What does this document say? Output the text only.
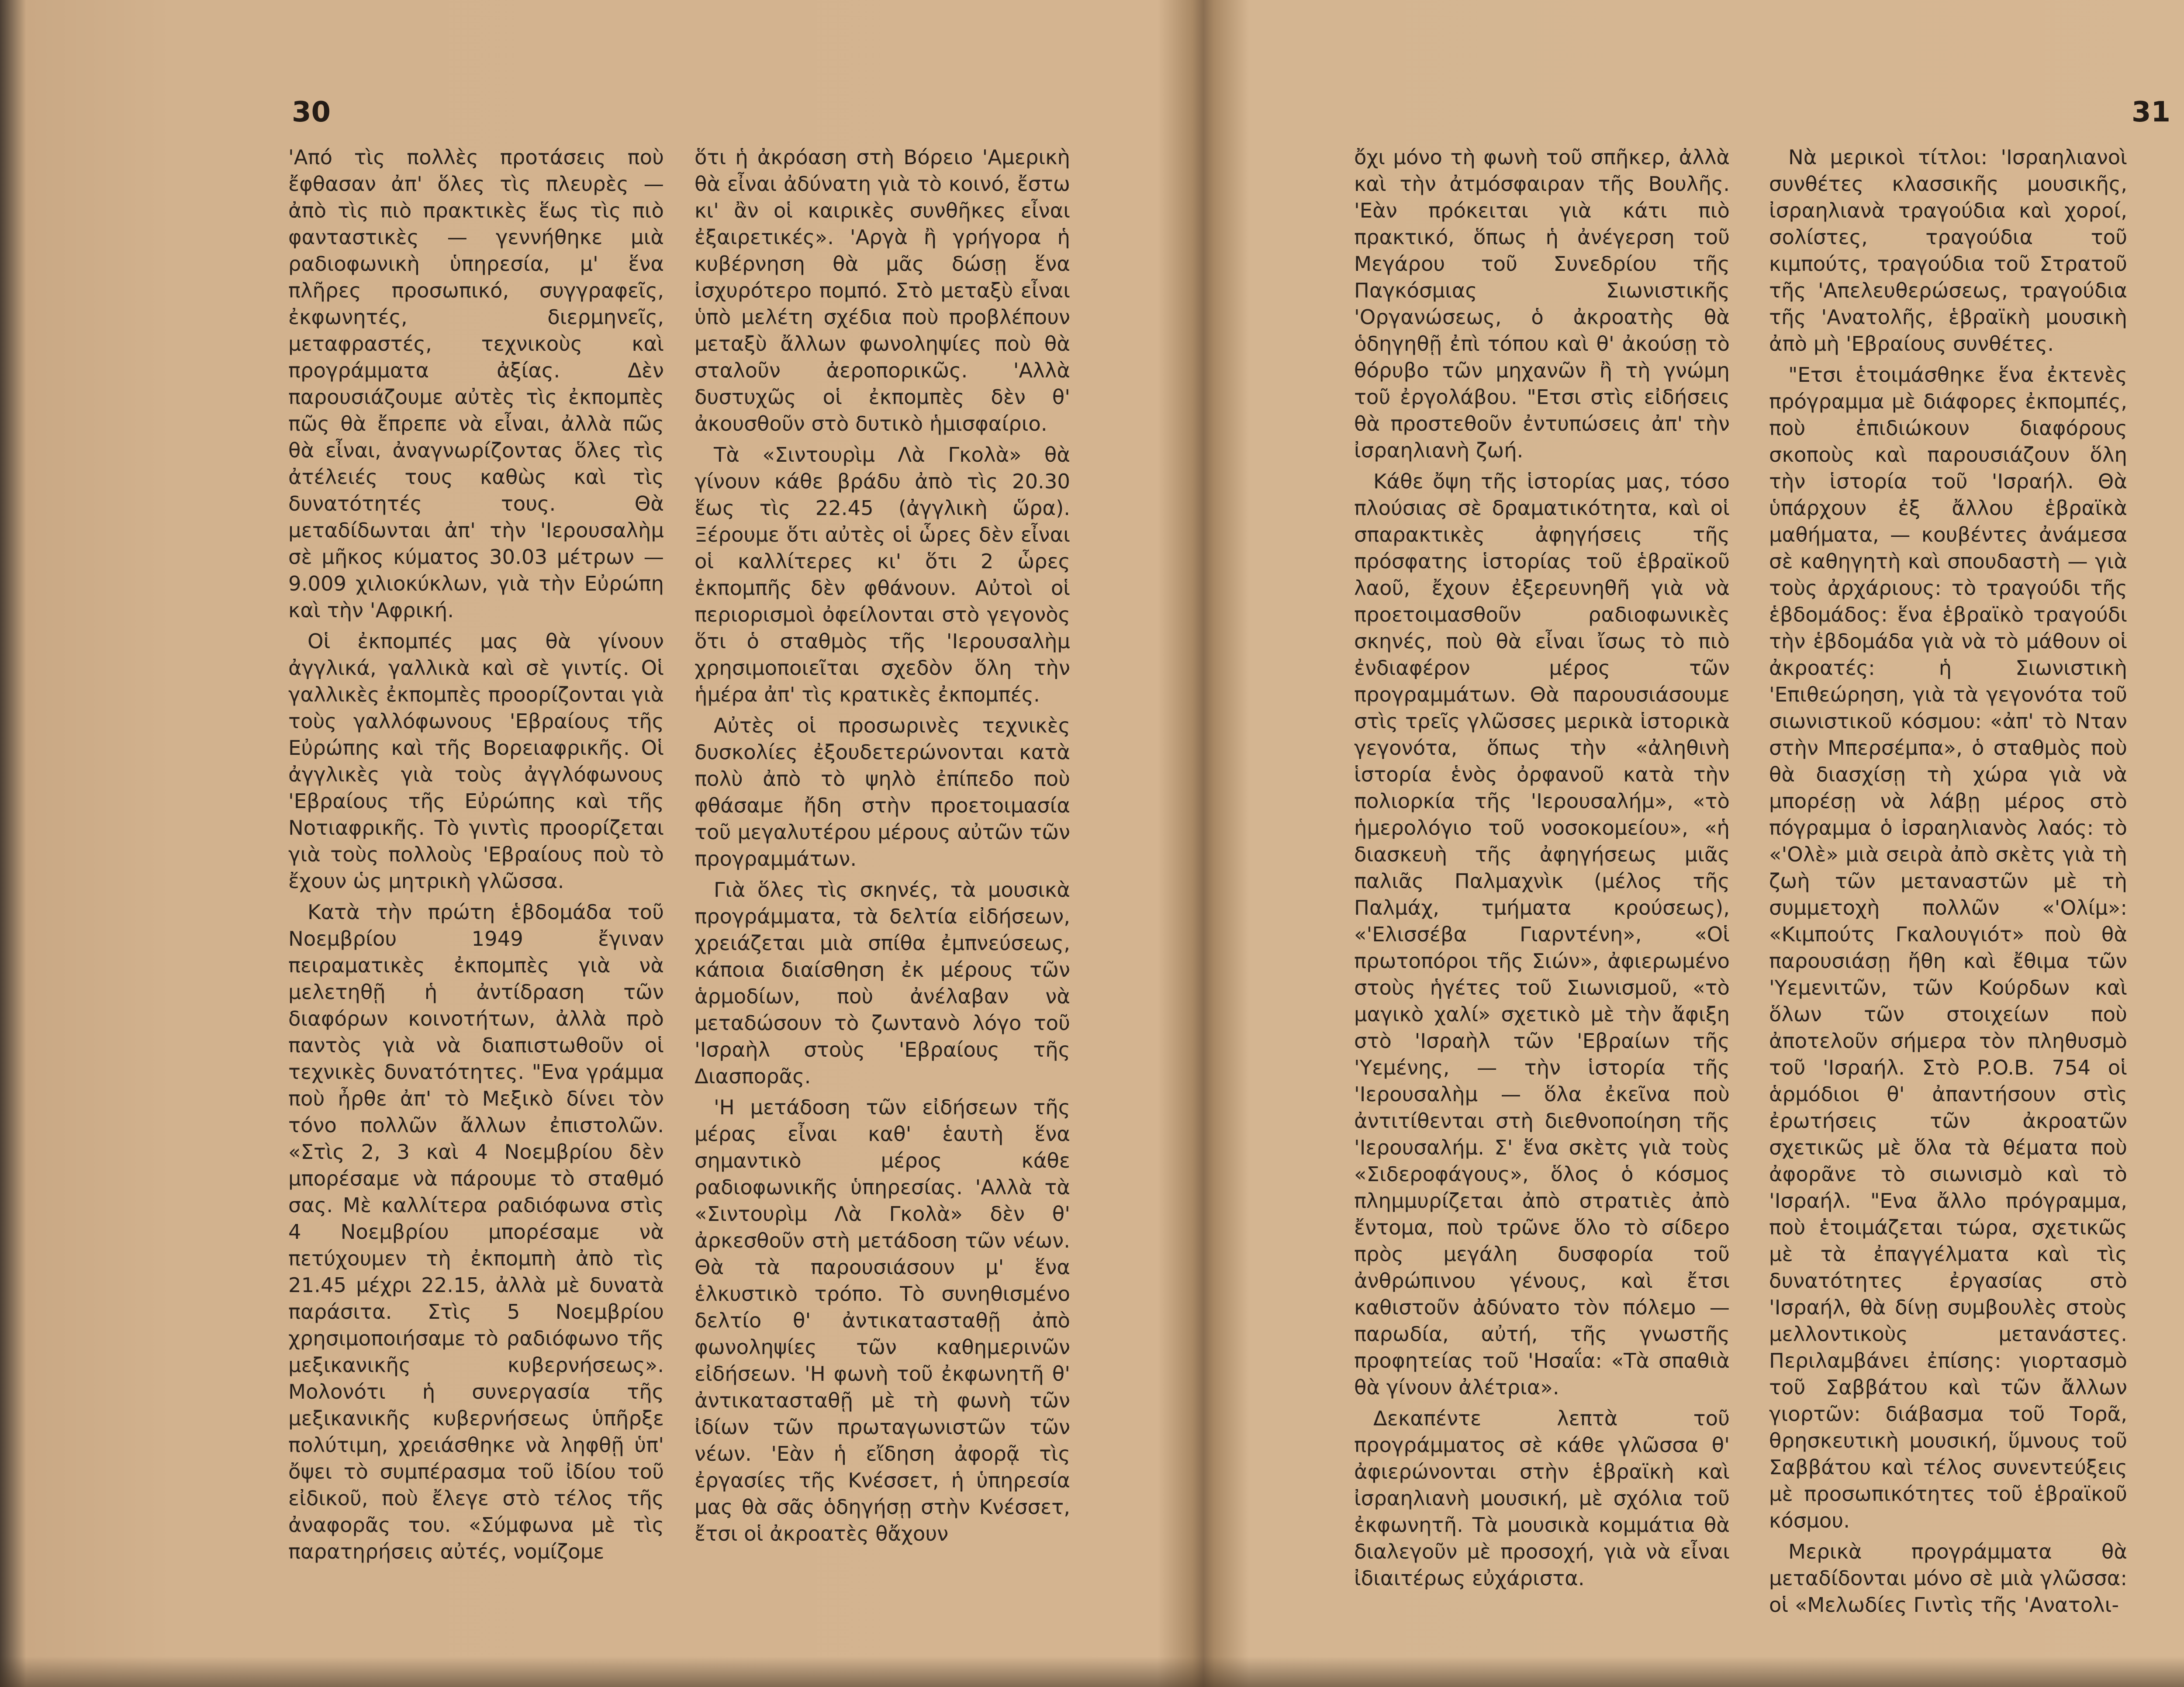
30	31

'Από τὶς πολλὲς προτάσεις ποὺ ἔφθασαν ἀπ' ὅλες τὶς πλευρὲς — ἀπὸ τὶς πιὸ πρακτικὲς ἕως τὶς πιὸ φανταστικὲς — γεννήθηκε μιὰ ραδιοφωνικὴ ὑπηρεσία, μ' ἕνα πλῆρες προσωπικό, συγγραφεῖς, ἐκφωνητές, διερμηνεῖς, μεταφραστές, τεχνικοὺς καὶ προγράμματα ἀξίας. Δὲν παρουσιάζουμε αὐτὲς τὶς ἐκπομπὲς πῶς θὰ ἔπρεπε νὰ εἶναι, ἀλλὰ πῶς θὰ εἶναι, ἀναγνωρίζοντας ὅλες τὶς ἀτέλειές τους καθὼς καὶ τὶς δυνατότητές τους. Θὰ μεταδίδωνται ἀπ' τὴν 'Ιερουσαλὴμ σὲ μῆκος κύματος 30.03 μέτρων — 9.009 χιλιοκύκλων, γιὰ τὴν Εὐρώπη καὶ τὴν 'Αφρική.

Οἱ ἐκπομπές μας θὰ γίνουν ἀγγλικά, γαλλικὰ καὶ σὲ γιντίς. Οἱ γαλλικὲς ἐκπομπὲς προορίζονται γιὰ τοὺς γαλλόφωνους 'Εβραίους τῆς Εὐρώπης καὶ τῆς Βορειαφρικῆς. Οἱ ἀγγλικὲς γιὰ τοὺς ἀγγλόφωνους 'Εβραίους τῆς Εὐρώπης καὶ τῆς Νοτιαφρικῆς. Τὸ γιντὶς προορίζεται γιὰ τοὺς πολλοὺς 'Εβραίους ποὺ τὸ ἔχουν ὡς μητρικὴ γλῶσσα.

Κατὰ τὴν πρώτη ἑβδομάδα τοῦ Νοεμβρίου 1949 ἔγιναν πειραματικὲς ἐκπομπὲς γιὰ νὰ μελετηθῇ ἡ ἀντίδραση τῶν διαφόρων κοινοτήτων, ἀλλὰ πρὸ παντὸς γιὰ νὰ διαπιστωθοῦν οἱ τεχνικὲς δυνατότητες. "Ενα γράμμα ποὺ ἦρθε ἀπ' τὸ Μεξικὸ δίνει τὸν τόνο πολλῶν ἄλλων ἐπιστολῶν. «Στὶς 2, 3 καὶ 4 Νοεμβρίου δὲν μπορέσαμε νὰ πάρουμε τὸ σταθμό σας. Μὲ καλλίτερα ραδιόφωνα στὶς 4 Νοεμβρίου μπορέσαμε νὰ πετύχουμεν τὴ ἐκπομπὴ ἀπὸ τὶς 21.45 μέχρι 22.15, ἀλλὰ μὲ δυνατὰ παράσιτα. Στὶς 5 Νοεμβρίου χρησιμοποιήσαμε τὸ ραδιόφωνο τῆς μεξικανικῆς κυβερνήσεως». Μολονότι ἡ συνεργασία τῆς μεξικανικῆς κυβερνήσεως ὑπῆρξε πολύτιμη, χρειάσθηκε νὰ ληφθῇ ὑπ' ὄψει τὸ συμπέρασμα τοῦ ἰδίου τοῦ εἰδικοῦ, ποὺ ἔλεγε στὸ τέλος τῆς ἀναφορᾶς του. «Σύμφωνα μὲ τὶς παρατηρήσεις αὐτές, νομίζομε

ὅτι ἡ ἀκρόαση στὴ Βόρειο 'Αμερικὴ θὰ εἶναι ἀδύνατη γιὰ τὸ κοινό, ἔστω κι' ἂν οἱ καιρικὲς συνθῆκες εἶναι ἐξαιρετικές». 'Αργὰ ἢ γρήγορα ἡ κυβέρνηση θὰ μᾶς δώσῃ ἕνα ἰσχυρότερο πομπό. Στὸ μεταξὺ εἶναι ὑπὸ μελέτη σχέδια ποὺ προβλέπουν μεταξὺ ἄλλων φωνοληψίες ποὺ θὰ σταλοῦν ἀεροπορικῶς. 'Αλλὰ δυστυχῶς οἱ ἐκπομπὲς δὲν θ' ἀκουσθοῦν στὸ δυτικὸ ἡμισφαίριο.

Τὰ «Σιντουρὶμ Λὰ Γκολὰ» θὰ γίνουν κάθε βράδυ ἀπὸ τὶς 20.30 ἕως τὶς 22.45 (ἀγγλικὴ ὥρα). Ξέρουμε ὅτι αὐτὲς οἱ ὧρες δὲν εἶναι οἱ καλλίτερες κι' ὅτι 2 ὧρες ἐκπομπῆς δὲν φθάνουν. Αὐτοὶ οἱ περιορισμοὶ ὀφείλονται στὸ γεγονὸς ὅτι ὁ σταθμὸς τῆς 'Ιερουσαλὴμ χρησιμοποιεῖται σχεδὸν ὅλη τὴν ἡμέρα ἀπ' τὶς κρατικὲς ἐκπομπές.

Αὐτὲς οἱ προσωρινὲς τεχνικὲς δυσκολίες ἐξουδετερώνονται κατὰ πολὺ ἀπὸ τὸ ψηλὸ ἐπίπεδο ποὺ φθάσαμε ἤδη στὴν προετοιμασία τοῦ μεγαλυτέρου μέρους αὐτῶν τῶν προγραμμάτων.

Γιὰ ὅλες τὶς σκηνές, τὰ μουσικὰ προγράμματα, τὰ δελτία εἰδήσεων, χρειάζεται μιὰ σπίθα ἐμπνεύσεως, κάποια διαίσθηση ἐκ μέρους τῶν ἁρμοδίων, ποὺ ἀνέλαβαν νὰ μεταδώσουν τὸ ζωντανὸ λόγο τοῦ 'Ισραὴλ στοὺς 'Εβραίους τῆς Διασπορᾶς.

'Η μετάδοση τῶν εἰδήσεων τῆς μέρας εἶναι καθ' ἑαυτὴ ἕνα σημαντικὸ μέρος κάθε ραδιοφωνικῆς ὑπηρεσίας. 'Αλλὰ τὰ «Σιντουρὶμ Λὰ Γκολὰ» δὲν θ' ἀρκεσθοῦν στὴ μετάδοση τῶν νέων. Θὰ τὰ παρουσιάσουν μ' ἕνα ἑλκυστικὸ τρόπο. Τὸ συνηθισμένο δελτίο θ' ἀντικατασταθῇ ἀπὸ φωνοληψίες τῶν καθημερινῶν εἰδήσεων. 'Η φωνὴ τοῦ ἐκφωνητῆ θ' ἀντικατασταθῇ μὲ τὴ φωνὴ τῶν ἰδίων τῶν πρωταγωνιστῶν τῶν νέων. 'Εὰν ἡ εἴδηση ἀφορᾷ τὶς ἐργασίες τῆς Κνέσσετ, ἡ ὑπηρεσία μας θὰ σᾶς ὁδηγήσῃ στὴν Κνέσσετ, ἔτσι οἱ ἀκροατὲς θἄχουν

ὄχι μόνο τὴ φωνὴ τοῦ σπῆκερ, ἀλλὰ καὶ τὴν ἀτμόσφαιραν τῆς Βουλῆς. 'Εὰν πρόκειται γιὰ κάτι πιὸ πρακτικό, ὅπως ἡ ἀνέγερση τοῦ Μεγάρου τοῦ Συνεδρίου τῆς Παγκόσμιας Σιωνιστικῆς 'Οργανώσεως, ὁ ἀκροατὴς θὰ ὁδηγηθῇ ἐπὶ τόπου καὶ θ' ἀκούσῃ τὸ θόρυβο τῶν μηχανῶν ἢ τὴ γνώμη τοῦ ἐργολάβου. "Ετσι στὶς εἰδήσεις θὰ προστεθοῦν ἐντυπώσεις ἀπ' τὴν ἰσραηλιανὴ ζωή.

Κάθε ὄψη τῆς ἱστορίας μας, τόσο πλούσιας σὲ δραματικότητα, καὶ οἱ σπαρακτικὲς ἀφηγήσεις τῆς πρόσφατης ἱστορίας τοῦ ἑβραϊκοῦ λαοῦ, ἔχουν ἐξερευνηθῆ γιὰ νὰ προετοιμασθοῦν ραδιοφωνικὲς σκηνές, ποὺ θὰ εἶναι ἴσως τὸ πιὸ ἐνδιαφέρον μέρος τῶν προγραμμάτων. Θὰ παρουσιάσουμε στὶς τρεῖς γλῶσσες μερικὰ ἱστορικὰ γεγονότα, ὅπως τὴν «ἀληθινὴ ἱστορία ἑνὸς ὀρφανοῦ κατὰ τὴν πολιορκία τῆς 'Ιερουσαλήμ», «τὸ ἡμερολόγιο τοῦ νοσοκομείου», «ἡ διασκευὴ τῆς ἀφηγήσεως μιᾶς παλιᾶς Παλμαχνὶκ (μέλος τῆς Παλμάχ, τμήματα κρούσεως), «'Ελισσέβα Γιαρντένη», «Οἱ πρωτοπόροι τῆς Σιών», ἀφιερωμένο στοὺς ἡγέτες τοῦ Σιωνισμοῦ, «τὸ μαγικὸ χαλί» σχετικὸ μὲ τὴν ἄφιξη στὸ 'Ισραὴλ τῶν 'Εβραίων τῆς 'Υεμένης, — τὴν ἱστορία τῆς 'Ιερουσαλὴμ — ὅλα ἐκεῖνα ποὺ ἀντιτίθενται στὴ διεθνοποίηση τῆς 'Ιερουσαλήμ. Σ' ἕνα σκὲτς γιὰ τοὺς «Σιδεροφάγους», ὅλος ὁ κόσμος πλημμυρίζεται ἀπὸ στρατιὲς ἀπὸ ἔντομα, ποὺ τρῶνε ὅλο τὸ σίδερο πρὸς μεγάλη δυσφορία τοῦ ἀνθρώπινου γένους, καὶ ἔτσι καθιστοῦν ἀδύνατο τὸν πόλεμο — παρωδία, αὐτή, τῆς γνωστῆς προφητείας τοῦ 'Ησαΐα: «Τὰ σπαθιὰ θὰ γίνουν ἀλέτρια».

Δεκαπέντε λεπτὰ τοῦ προγράμματος σὲ κάθε γλῶσσα θ' ἀφιερώνονται στὴν ἑβραϊκὴ καὶ ἰσραηλιανὴ μουσική, μὲ σχόλια τοῦ ἐκφωνητῆ. Τὰ μουσικὰ κομμάτια θὰ διαλεγοῦν μὲ προσοχή, γιὰ νὰ εἶναι ἰδιαιτέρως εὐχάριστα.

Νὰ μερικοὶ τίτλοι: 'Ισραηλιανοὶ συνθέτες κλασσικῆς μουσικῆς, ἰσραηλιανὰ τραγούδια καὶ χοροί, σολίστες, τραγούδια τοῦ κιμπούτς, τραγούδια τοῦ Στρατοῦ τῆς 'Απελευθερώσεως, τραγούδια τῆς 'Ανατολῆς, ἑβραϊκὴ μουσικὴ ἀπὸ μὴ 'Εβραίους συνθέτες.

"Ετσι ἑτοιμάσθηκε ἕνα ἐκτενὲς πρόγραμμα μὲ διάφορες ἐκπομπές, ποὺ ἐπιδιώκουν διαφόρους σκοποὺς καὶ παρουσιάζουν ὅλη τὴν ἱστορία τοῦ 'Ισραήλ. Θὰ ὑπάρχουν ἐξ ἄλλου ἑβραϊκὰ μαθήματα, — κουβέντες ἀνάμεσα σὲ καθηγητὴ καὶ σπουδαστὴ — γιὰ τοὺς ἀρχάριους: τὸ τραγούδι τῆς ἑβδομάδος: ἕνα ἑβραϊκὸ τραγούδι τὴν ἑβδομάδα γιὰ νὰ τὸ μάθουν οἱ ἀκροατές: ἡ Σιωνιστικὴ 'Επιθεώρηση, γιὰ τὰ γεγονότα τοῦ σιωνιστικοῦ κόσμου: «ἀπ' τὸ Νταν στὴν Μπερσέμπα», ὁ σταθμὸς ποὺ θὰ διασχίσῃ τὴ χώρα γιὰ νὰ μπορέσῃ νὰ λάβῃ μέρος στὸ πόγραμμα ὁ ἰσραηλιανὸς λαός: τὸ «'Ολὲ» μιὰ σειρὰ ἀπὸ σκὲτς γιὰ τὴ ζωὴ τῶν μεταναστῶν μὲ τὴ συμμετοχὴ πολλῶν «'Ολίμ»: «Κιμπούτς Γκαλουγιότ» ποὺ θὰ παρουσιάσῃ ἤθη καὶ ἔθιμα τῶν 'Υεμενιτῶν, τῶν Κούρδων καὶ ὅλων τῶν στοιχείων ποὺ ἀποτελοῦν σήμερα τὸν πληθυσμὸ τοῦ 'Ισραήλ. Στὸ P.O.B. 754 οἱ ἁρμόδιοι θ' ἀπαντήσουν στὶς ἐρωτήσεις τῶν ἀκροατῶν σχετικῶς μὲ ὅλα τὰ θέματα ποὺ ἀφορᾶνε τὸ σιωνισμὸ καὶ τὸ 'Ισραήλ. "Ενα ἄλλο πρόγραμμα, ποὺ ἑτοιμάζεται τώρα, σχετικῶς μὲ τὰ ἐπαγγέλματα καὶ τὶς δυνατότητες ἐργασίας στὸ 'Ισραήλ, θὰ δίνῃ συμβουλὲς στοὺς μελλοντικοὺς μετανάστες. Περιλαμβάνει ἐπίσης: γιορτασμὸ τοῦ Σαββάτου καὶ τῶν ἄλλων γιορτῶν: διάβασμα τοῦ Τορᾶ, θρησκευτικὴ μουσική, ὕμνους τοῦ Σαββάτου καὶ τέλος συνεντεύξεις μὲ προσωπικότητες τοῦ ἑβραϊκοῦ κόσμου.

Μερικὰ προγράμματα θὰ μεταδίδονται μόνο σὲ μιὰ γλῶσσα: οἱ «Μελωδίες Γιντὶς τῆς 'Ανατολι-
